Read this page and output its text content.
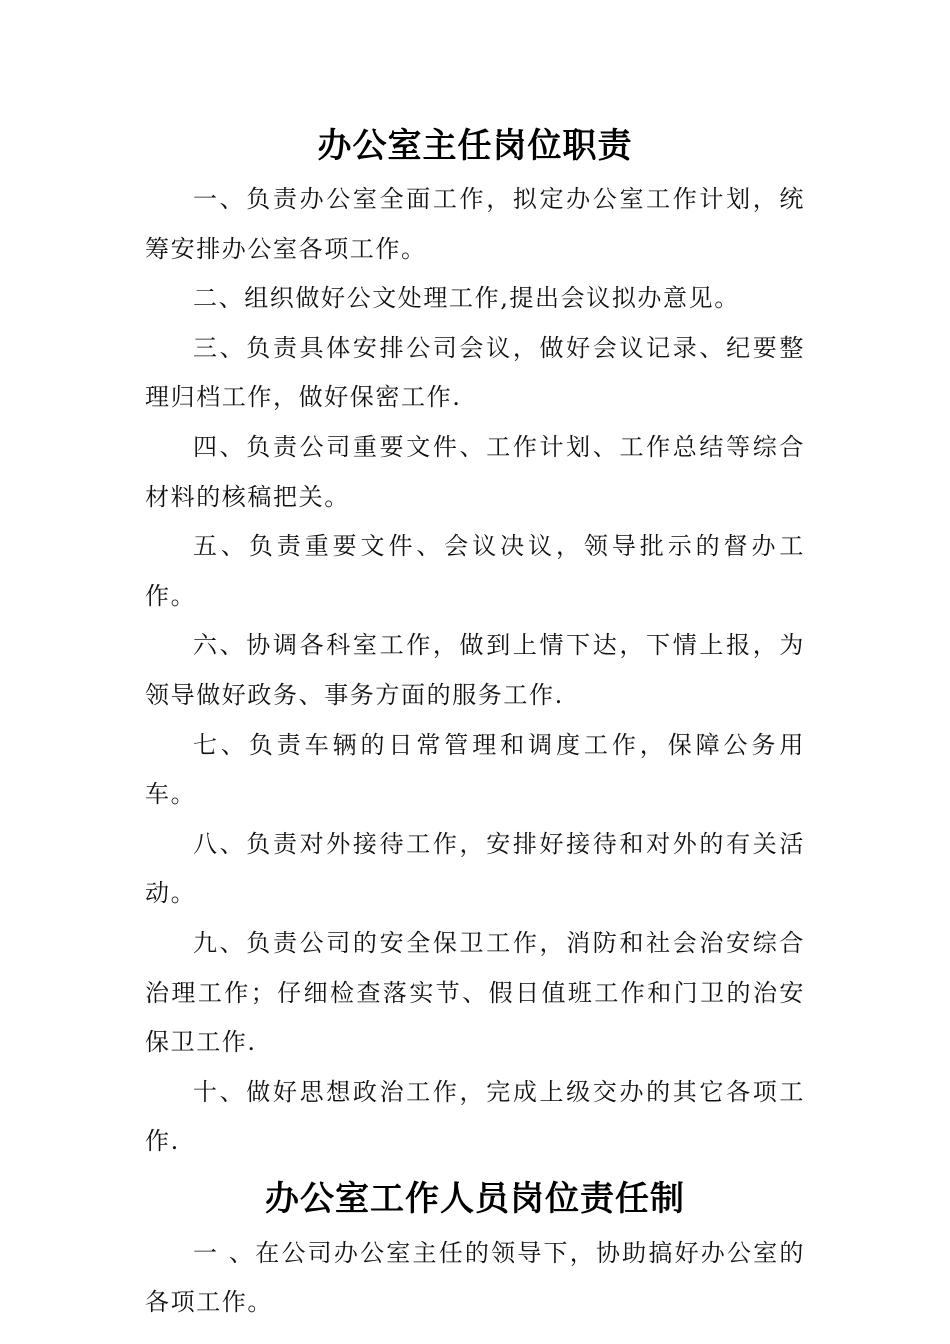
办公室主任岗位职责

一、负责办公室全面工作，拟定办公室工作计划，统筹安排办公室各项工作。

二、组织做好公文处理工作,提出会议拟办意见。

三、负责具体安排公司会议，做好会议记录、纪要整理归档工作，做好保密工作.

四、负责公司重要文件、工作计划、工作总结等综合材料的核稿把关。

五、负责重要文件、会议决议，领导批示的督办工作。

六、协调各科室工作，做到上情下达，下情上报，为领导做好政务、事务方面的服务工作.

七、负责车辆的日常管理和调度工作，保障公务用车。

八、负责对外接待工作，安排好接待和对外的有关活动。

九、负责公司的安全保卫工作，消防和社会治安综合治理工作；仔细检查落实节、假日值班工作和门卫的治安保卫工作.

十、做好思想政治工作，完成上级交办的其它各项工作.

办公室工作人员岗位责任制

一 、在公司办公室主任的领导下，协助搞好办公室的各项工作。
